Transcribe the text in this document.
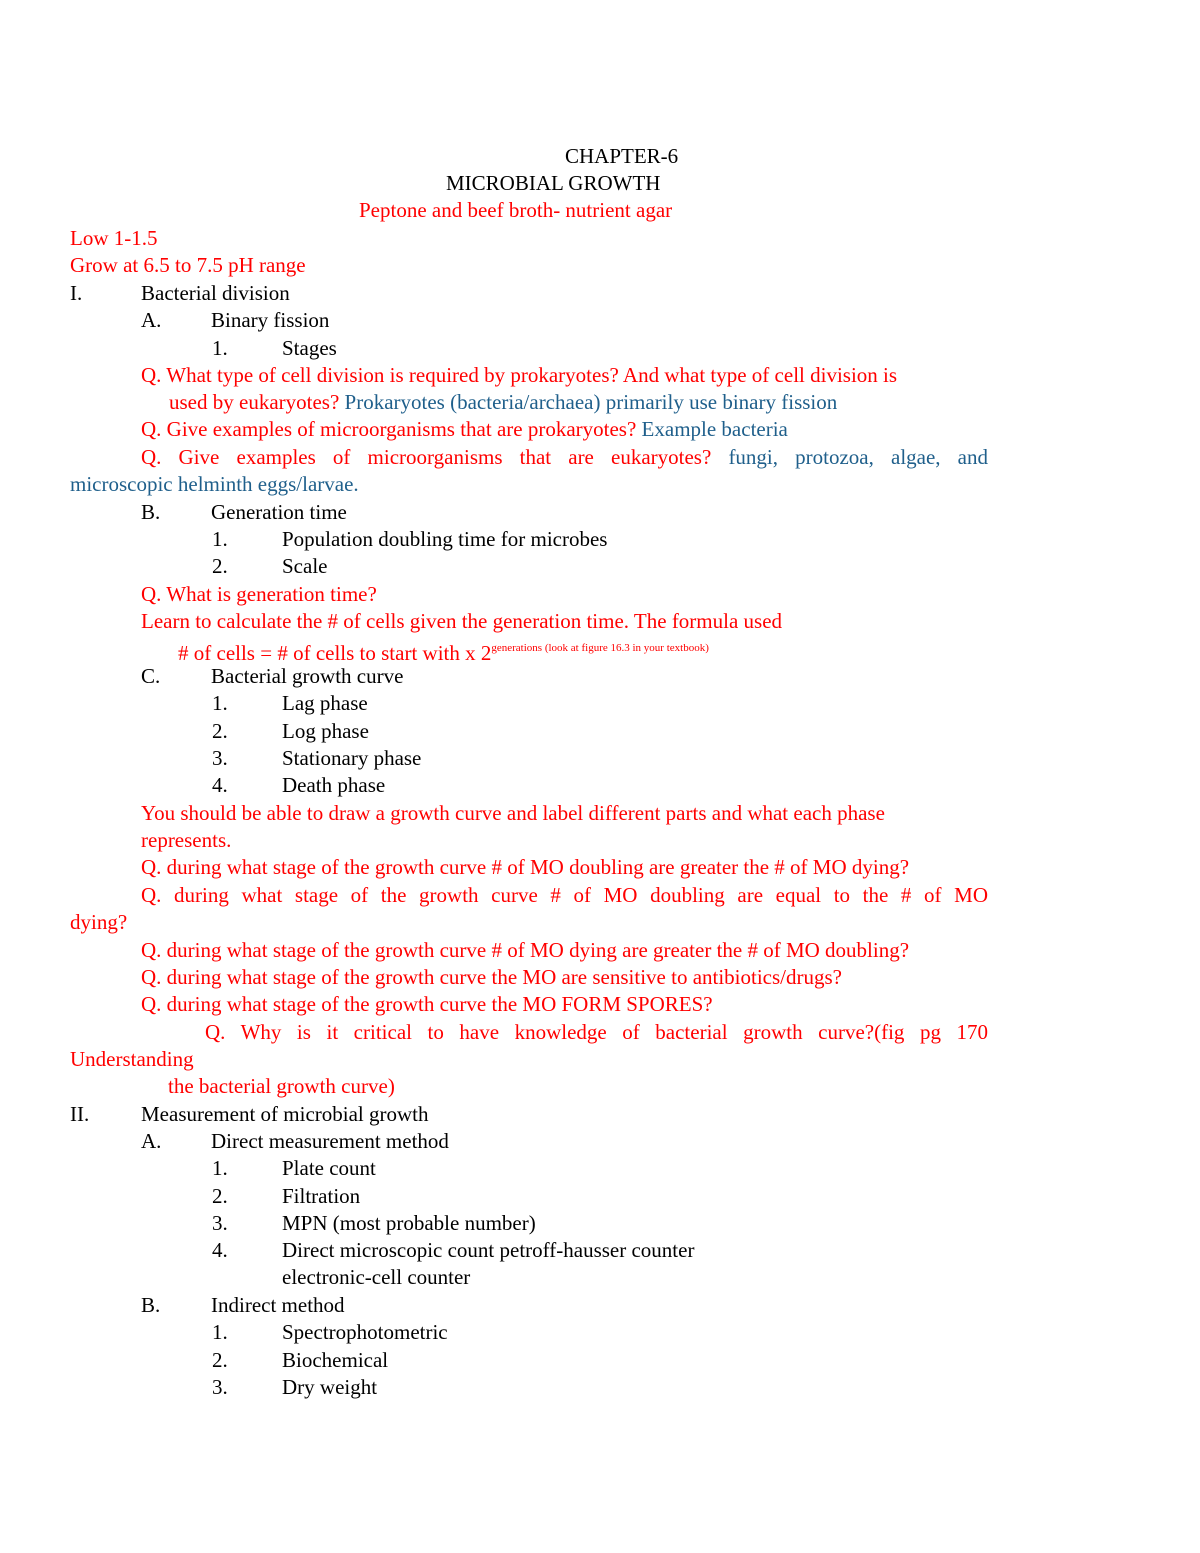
CHAPTER-6
MICROBIAL GROWTH
Peptone and beef broth- nutrient agar
Low 1-1.5
Grow at 6.5 to 7.5 pH range
I.	Bacterial division
A. Binary fission
1.	Stages
Q. What type of cell division is required by prokaryotes? And what type of cell division is
used by eukaryotes? Prokaryotes (bacteria/archaea) primarily use binary fission
Q. Give examples of microorganisms that are prokaryotes? Example bacteria
Q. Give examples of microorganisms that are eukaryotes? fungi, protozoa, algae, and
microscopic helminth eggs/larvae.
B. Generation time
1.	Population doubling time for microbes
2.	Scale
Q. What is generation time?
Learn to calculate the # of cells given the generation time. The formula used
# of cells = # of cells to start with x $2^{generations (look at figure 16.3 in your textbook)}$
C. Bacterial growth curve
1.	Lag phase
2.	Log phase
3.	Stationary phase
4.	Death phase
You should be able to draw a growth curve and label different parts and what each phase
represents.
Q. during what stage of the growth curve # of MO doubling are greater the # of MO dying?
Q. during what stage of the growth curve # of MO doubling are equal to the # of MO
dying?
Q. during what stage of the growth curve # of MO dying are greater the # of MO doubling?
Q. during what stage of the growth curve the MO are sensitive to antibiotics/drugs?
Q. during what stage of the growth curve the MO FORM SPORES?
Q. Why is it critical to have knowledge of bacterial growth curve?(fig pg 170
Understanding
the bacterial growth curve)
II. Measurement of microbial growth
A. Direct measurement method
1.	Plate count
2.	Filtration
3.	MPN (most probable number)
4.	Direct microscopic count petroff-hausser counter
electronic-cell counter
B. Indirect method
1.	Spectrophotometric
2.	Biochemical
3.	Dry weight
